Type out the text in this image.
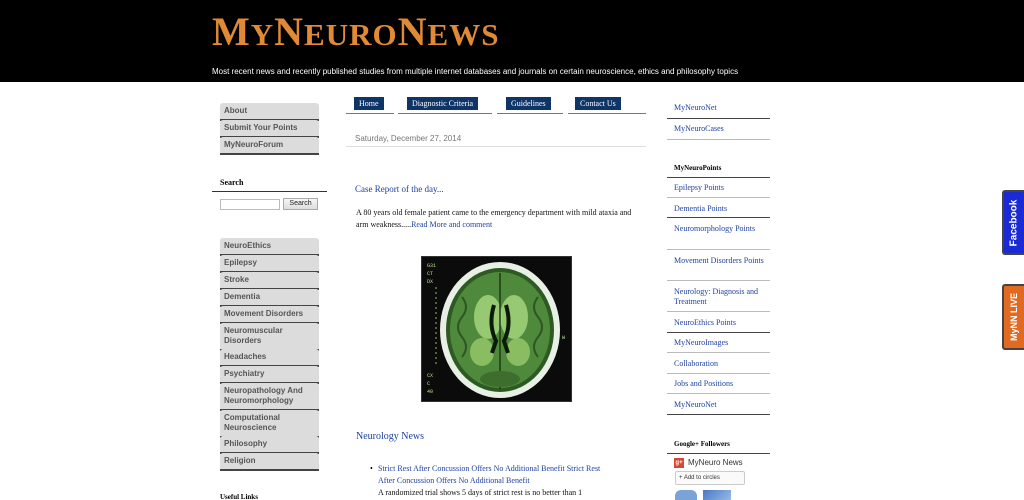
MYNEURONEWS
Most recent news and recently published studies from multiple internet databases and journals on certain neuroscience, ethics and philosophy topics
About
Submit Your Points
MyNeuroForum
Search
Search
NeuroEthics
Epilepsy
Stroke
Dementia
Movement Disorders
Neuromuscular Disorders
Headaches
Psychiatry
Neuropathology And Neuromorphology
Computational Neuroscience
Philosophy
Religion
Useful Links
Home	Diagnostic Criteria	Guidelines	Contact Us
Saturday, December 27, 2014
Case Report of the day...
A 80 years old female patient came to the emergency department with mild ataxia and arm weakness.....Read More and comment
G31
CT
DX
CX
C
40
W
Neurology News
• Strict Rest After Concussion Offers No Additional Benefit Strict Rest After Concussion Offers No Additional Benefit
A randomized trial shows 5 days of strict rest is no better than 1
MyNeuroNet
MyNeuroCases
MyNeuroPoints
Epilepsy Points
Dementia Points
Neuromorphology Points
Movement Disorders Points
Neurology: Diagnosis and Treatment
NeuroEthics Points
MyNeuroImages
Collaboration
Jobs and Positions
MyNeuroNet
Google+ Followers
g+ MyNeuro News
+ Add to circles
Facebook
MyNN LIVE
